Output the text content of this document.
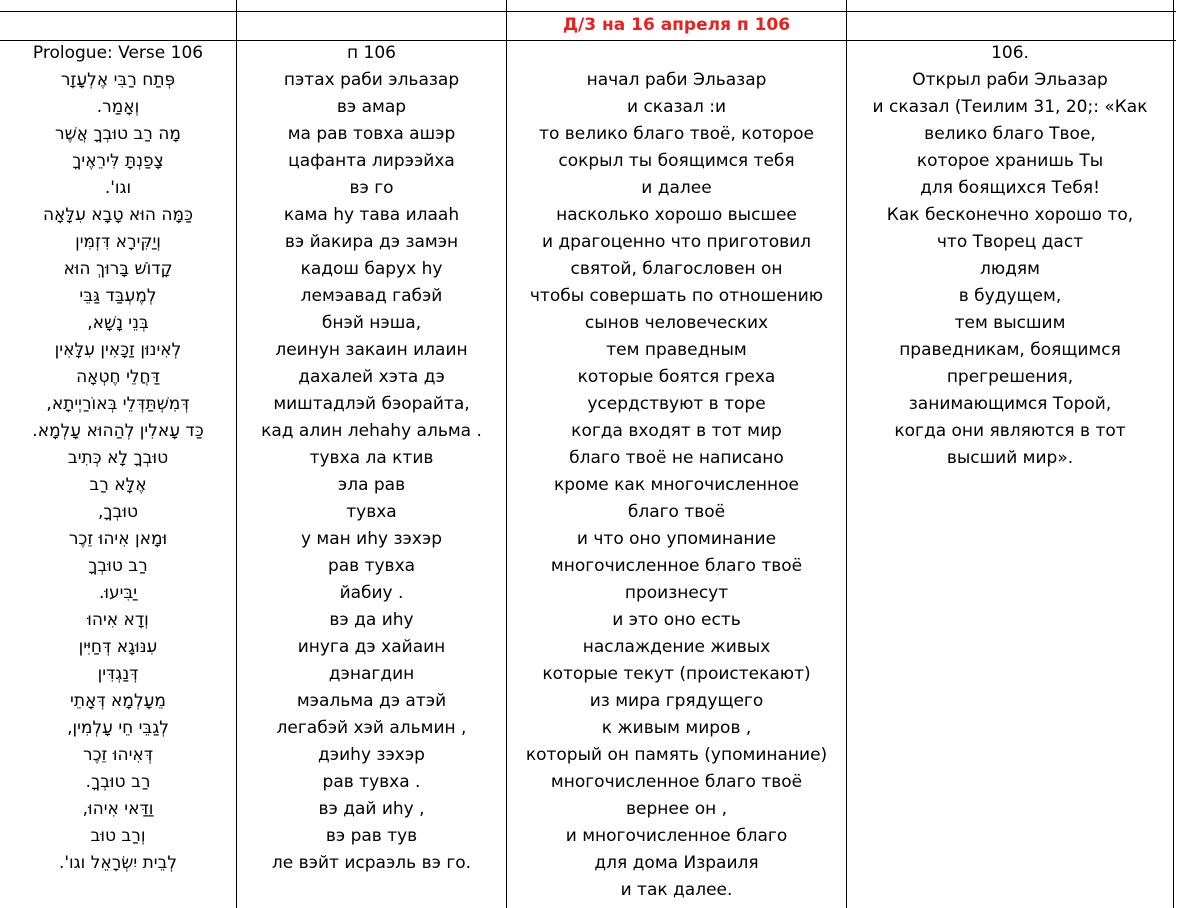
Д/3 на 16 апреля п 106
Prologue: Verse 106
פְּתַח רַבִּי אֶלְעָזָר
וְאָמַר.
מָה רַב טוּבְךָ אֲשֶׁר
צָפַנְתָּ לִּירֵאֶיךָ
וגו'.
כַּמָּה הוּא טָבָא עִלָּאָה
וְיַקִּירָא דִּזְמִּין
קָדוֹשׁ בָּרוּךְ הוּא
לְמֶעְבַּד גַּבֵּי
בְּנֵי נָשָׁא,
לְאִינוּן זַכָּאִין עִלָּאִין
דַּחֲלֵי חֶטְאָה
דְּמִשְׁתַּדְּלֵי בְּאוֹרַיְיתָא,
כַּד עָאלִין לְהַהוּא עָלְמָא.
טוּבְךָ לָא כְּתִיב
אֶלָּא רַב
טוּבְךָ,
וּמָאן אִיהוּ זֵכֶר
רַב טוּבְךָ
יַבִּיעוּ.
וְדָא אִיהוּ
עִנּוּגָא דְּחַיִּין
דְּנַגְדִּין
מֵעָלְמָא דְּאָתֵי
לְגַבֵּי חֵי עָלְמִין,
דְּאִיהוּ זֵכֶר
רַב טוּבְךָ.
וַדַּאי אִיהוּ,
וְרַב טוּב
לְבֵית יִשְׂרָאֵל וגו'.
п 106
пэтах раби эльазар
вэ амар
ма рав товха ашэр
цафанта лирээйха
вэ го
кама hу тава илааh
вэ йакира дэ замэн
кадош барух hу
лемэавад габэй
бнэй нэша,
леинун закаин илаин
дахалей хэта дэ
миштадлэй бэорайта,
кад алин леhahу альма .
тувха ла ктив
эла рав
тувха
у ман иhу зэхэр
рав тувха
йабиу .
вэ да иhу
инуга дэ хайаин
дэнагдин
мэальма дэ атэй
легабэй хэй альмин ,
дэиhу зэхэр
рав тувха .
вэ дай иhу ,
вэ рав тув
ле вэйт исраэль вэ го.
начал раби Эльазар
и сказал :и
то велико благо твоё, которое
сокрыл ты боящимся тебя
и далее
насколько хорошо высшее
и драгоценно что приготовил
святой, благословен он
чтобы совершать по отношению
сынов человеческих
тем праведным
которые боятся греха
усердствуют в торе
когда входят в тот мир
благо твоё не написано
кроме как многочисленное
благо твоё
и что оно упоминание
многочисленное благо твоё
произнесут
и это оно есть
наслаждение живых
которые текут (проистекают)
из мира грядущего
к живым миров ,
который он память (упоминание)
многочисленное благо твоё
вернее он ,
и многочисленное благо
для дома Израиля
и так далее.
106.
Открыл раби Эльазар
и сказал (Теилим 31, 20;: «Как
велико благо Твое,
которое хранишь Ты
для боящихся Тебя!
Как бесконечно хорошо то,
что Творец даст
людям
в будущем,
тем высшим
праведникам, боящимся
прегрешения,
занимающимся Торой,
когда они являются в тот
высший мир».
